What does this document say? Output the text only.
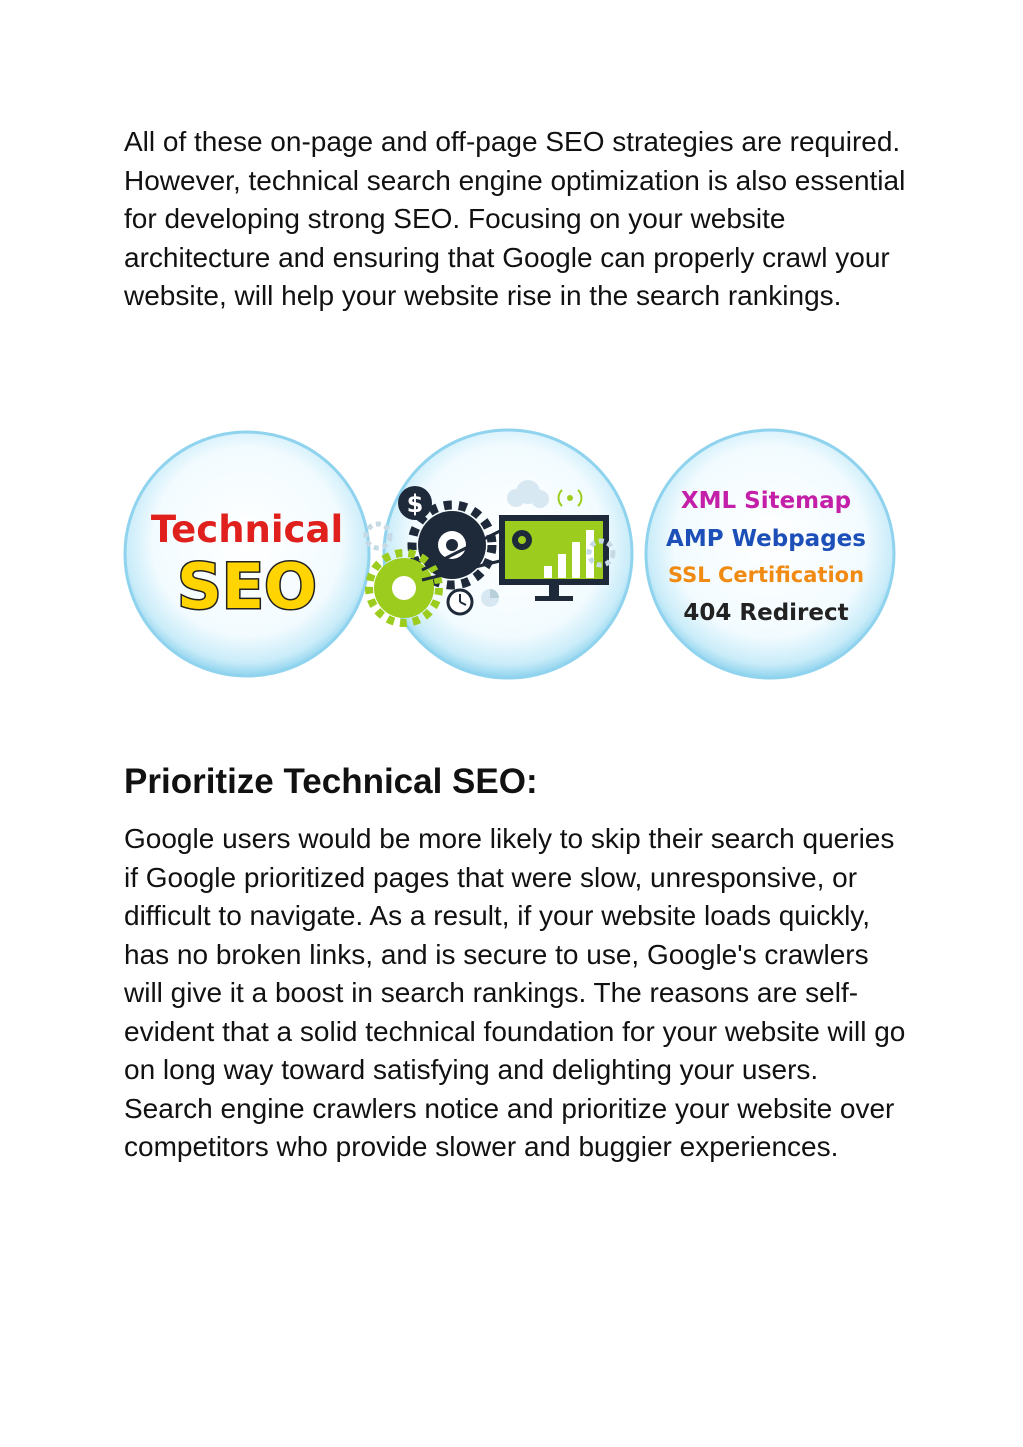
All of these on-page and off-page SEO strategies are required. However, technical search engine optimization is also essential for developing strong SEO. Focusing on your website architecture and ensuring that Google can properly crawl your website, will help your website rise in the search rankings.

Technical
SEO
$	XML Sitemap
AMP Webpages
SSL Certification
404 Redirect
Prioritize Technical SEO:

Google users would be more likely to skip their search queries if Google prioritized pages that were slow, unresponsive, or difficult to navigate. As a result, if your website loads quickly, has no broken links, and is secure to use, Google's crawlers will give it a boost in search rankings. The reasons are self-evident that a solid technical foundation for your website will go on long way toward satisfying and delighting your users. Search engine crawlers notice and prioritize your website over competitors who provide slower and buggier experiences.
